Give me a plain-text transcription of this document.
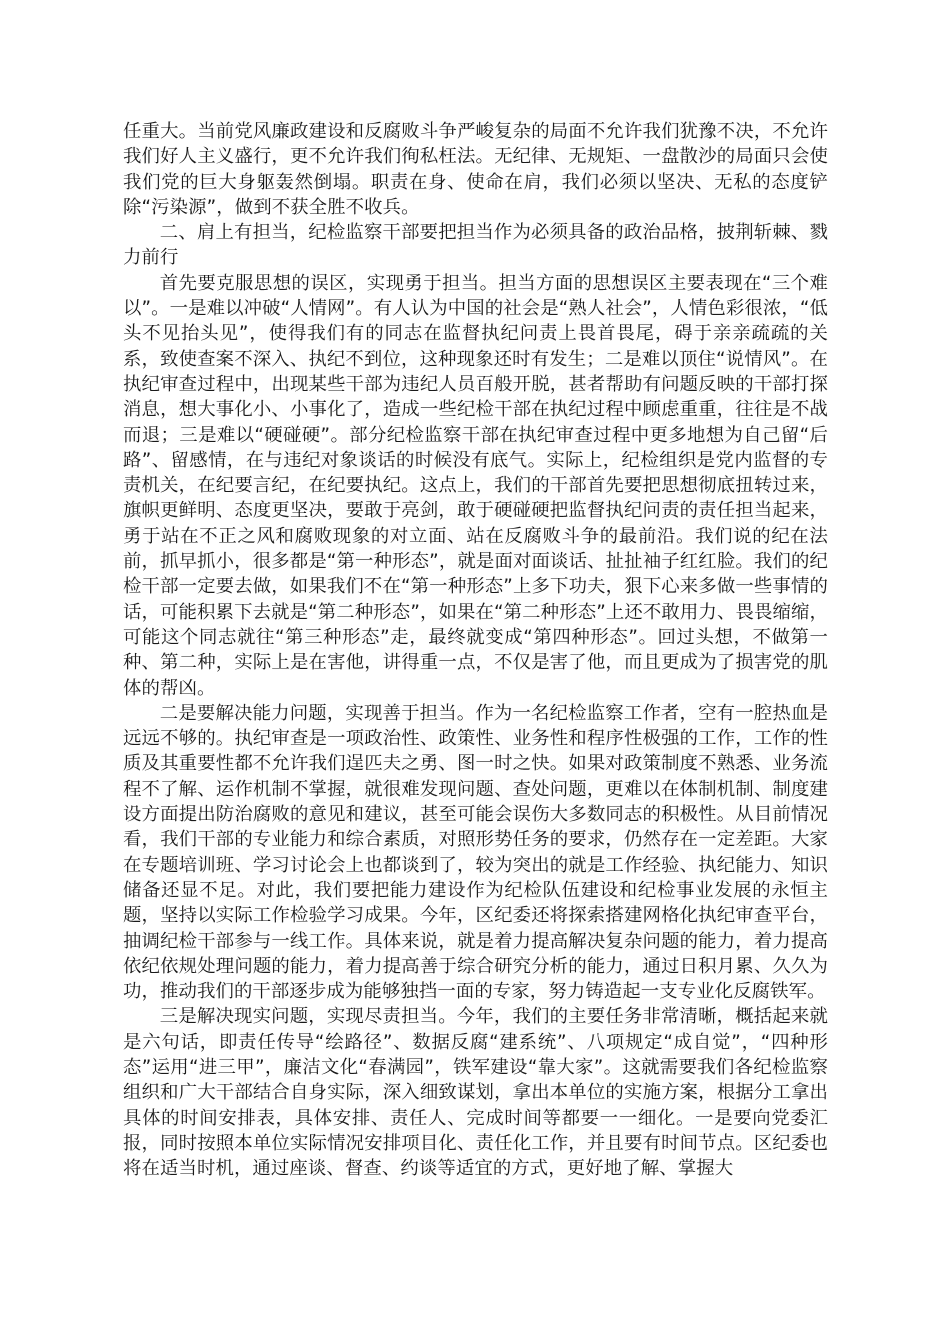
任重大。当前党风廉政建设和反腐败斗争严峻复杂的局面不允许我们犹豫不决，不允许我们好人主义盛行，更不允许我们徇私枉法。无纪律、无规矩、一盘散沙的局面只会使我们党的巨大身躯轰然倒塌。职责在身、使命在肩，我们必须以坚决、无私的态度铲除“污染源”，做到不获全胜不收兵。

二、肩上有担当，纪检监察干部要把担当作为必须具备的政治品格，披荆斩棘、戮力前行

首先要克服思想的误区，实现勇于担当。担当方面的思想误区主要表现在“三个难以”。一是难以冲破“人情网”。有人认为中国的社会是“熟人社会”，人情色彩很浓，“低头不见抬头见”，使得我们有的同志在监督执纪问责上畏首畏尾，碍于亲亲疏疏的关系，致使查案不深入、执纪不到位，这种现象还时有发生；二是难以顶住“说情风”。在执纪审查过程中，出现某些干部为违纪人员百般开脱，甚者帮助有问题反映的干部打探消息，想大事化小、小事化了，造成一些纪检干部在执纪过程中顾虑重重，往往是不战而退；三是难以“硬碰硬”。部分纪检监察干部在执纪审查过程中更多地想为自己留“后路”、留感情，在与违纪对象谈话的时候没有底气。实际上，纪检组织是党内监督的专责机关，在纪要言纪，在纪要执纪。这点上，我们的干部首先要把思想彻底扭转过来，旗帜更鲜明、态度更坚决，要敢于亮剑，敢于硬碰硬把监督执纪问责的责任担当起来，勇于站在不正之风和腐败现象的对立面、站在反腐败斗争的最前沿。我们说的纪在法前，抓早抓小，很多都是“第一种形态”，就是面对面谈话、扯扯袖子红红脸。我们的纪检干部一定要去做，如果我们不在“第一种形态”上多下功夫，狠下心来多做一些事情的话，可能积累下去就是“第二种形态”，如果在“第二种形态”上还不敢用力、畏畏缩缩，可能这个同志就往“第三种形态”走，最终就变成“第四种形态”。回过头想，不做第一种、第二种，实际上是在害他，讲得重一点，不仅是害了他，而且更成为了损害党的肌体的帮凶。

二是要解决能力问题，实现善于担当。作为一名纪检监察工作者，空有一腔热血是远远不够的。执纪审查是一项政治性、政策性、业务性和程序性极强的工作，工作的性质及其重要性都不允许我们逞匹夫之勇、图一时之快。如果对政策制度不熟悉、业务流程不了解、运作机制不掌握，就很难发现问题、查处问题，更难以在体制机制、制度建设方面提出防治腐败的意见和建议，甚至可能会误伤大多数同志的积极性。从目前情况看，我们干部的专业能力和综合素质，对照形势任务的要求，仍然存在一定差距。大家在专题培训班、学习讨论会上也都谈到了，较为突出的就是工作经验、执纪能力、知识储备还显不足。对此，我们要把能力建设作为纪检队伍建设和纪检事业发展的永恒主题，坚持以实际工作检验学习成果。今年，区纪委还将探索搭建网格化执纪审查平台，抽调纪检干部参与一线工作。具体来说，就是着力提高解决复杂问题的能力，着力提高依纪依规处理问题的能力，着力提高善于综合研究分析的能力，通过日积月累、久久为功，推动我们的干部逐步成为能够独挡一面的专家，努力铸造起一支专业化反腐铁军。

三是解决现实问题，实现尽责担当。今年，我们的主要任务非常清晰，概括起来就是六句话，即责任传导“绘路径”、数据反腐“建系统”、八项规定“成自觉”，“四种形态”运用“进三甲”，廉洁文化“春满园”，铁军建设“靠大家”。这就需要我们各纪检监察组织和广大干部结合自身实际，深入细致谋划，拿出本单位的实施方案，根据分工拿出具体的时间安排表，具体安排、责任人、完成时间等都要一一细化。一是要向党委汇报，同时按照本单位实际情况安排项目化、责任化工作，并且要有时间节点。区纪委也将在适当时机，通过座谈、督查、约谈等适宜的方式，更好地了解、掌握大
